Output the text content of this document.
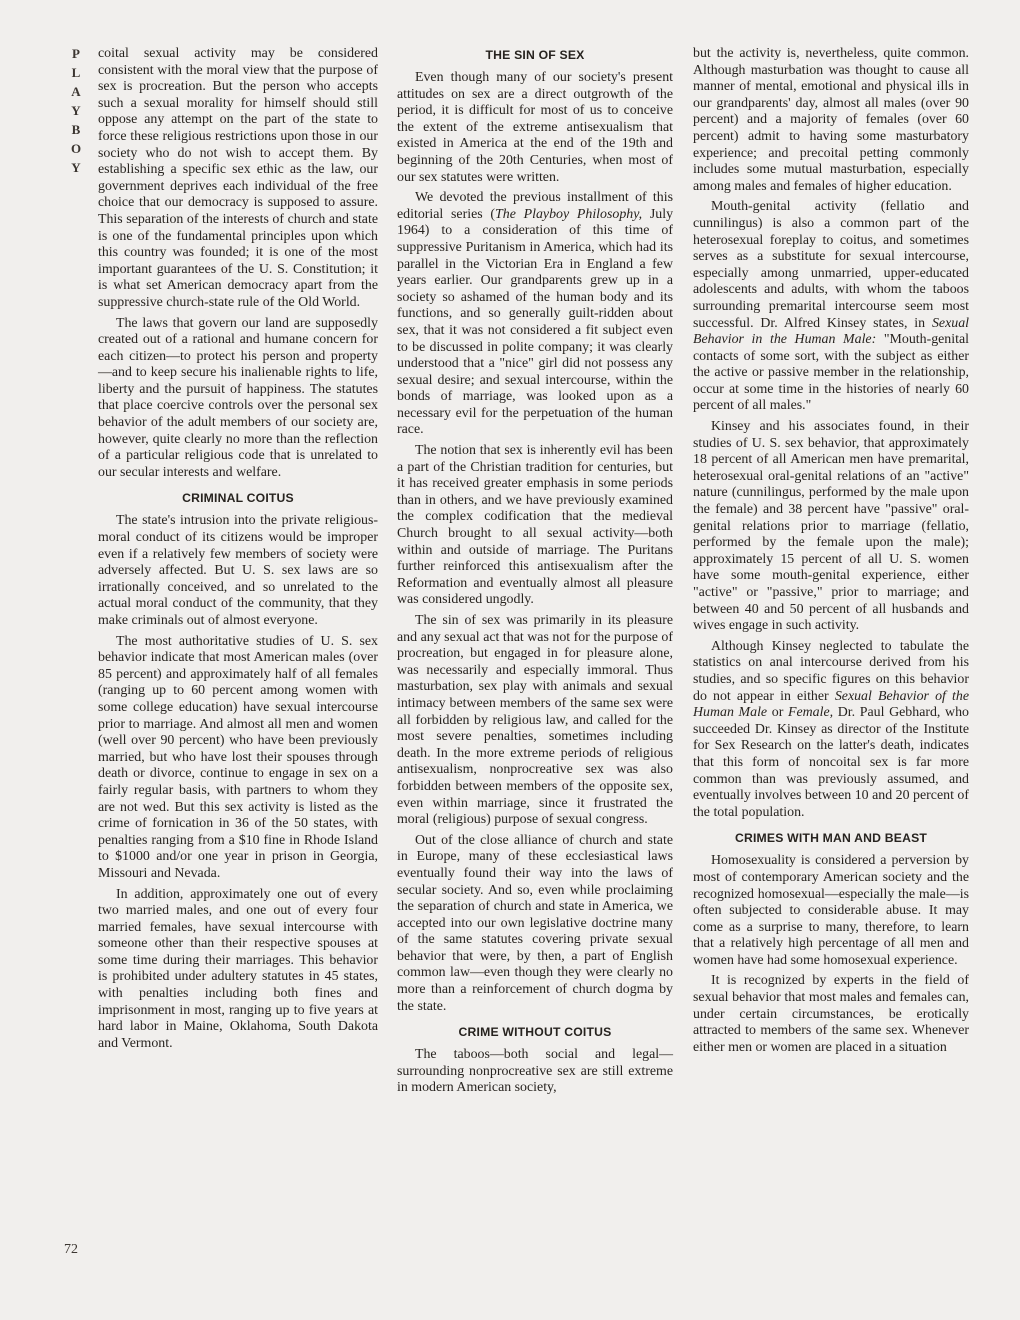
PLAYBOY
72

coital sexual activity may be considered consistent with the moral view that the purpose of sex is procreation. But the person who accepts such a sexual morality for himself should still oppose any attempt on the part of the state to force these religious restrictions upon those in our society who do not wish to accept them. By establishing a specific sex ethic as the law, our government deprives each individual of the free choice that our democracy is supposed to assure. This separation of the interests of church and state is one of the fundamental principles upon which this country was founded; it is one of the most important guarantees of the U. S. Constitution; it is what set American democracy apart from the suppressive church-state rule of the Old World.

The laws that govern our land are supposedly created out of a rational and humane concern for each citizen—to protect his person and property—and to keep secure his inalienable rights to life, liberty and the pursuit of happiness. The statutes that place coercive controls over the personal sex behavior of the adult members of our society are, however, quite clearly no more than the reflection of a particular religious code that is unrelated to our secular interests and welfare.

CRIMINAL COITUS

The state's intrusion into the private religious-moral conduct of its citizens would be improper even if a relatively few members of society were adversely affected. But U. S. sex laws are so irrationally conceived, and so unrelated to the actual moral conduct of the community, that they make criminals out of almost everyone.

The most authoritative studies of U. S. sex behavior indicate that most American males (over 85 percent) and approximately half of all females (ranging up to 60 percent among women with some college education) have sexual intercourse prior to marriage. And almost all men and women (well over 90 percent) who have been previously married, but who have lost their spouses through death or divorce, continue to engage in sex on a fairly regular basis, with partners to whom they are not wed. But this sex activity is listed as the crime of fornication in 36 of the 50 states, with penalties ranging from a $10 fine in Rhode Island to $1000 and/or one year in prison in Georgia, Missouri and Nevada.

In addition, approximately one out of every two married males, and one out of every four married females, have sexual intercourse with someone other than their respective spouses at some time during their marriages. This behavior is prohibited under adultery statutes in 45 states, with penalties including both fines and imprisonment in most, ranging up to five years at hard labor in Maine, Oklahoma, South Dakota and Vermont.

THE SIN OF SEX

Even though many of our society's present attitudes on sex are a direct outgrowth of the period, it is difficult for most of us to conceive the extent of the extreme antisexualism that existed in America at the end of the 19th and beginning of the 20th Centuries, when most of our sex statutes were written.

We devoted the previous installment of this editorial series (The Playboy Philosophy, July 1964) to a consideration of this time of suppressive Puritanism in America, which had its parallel in the Victorian Era in England a few years earlier. Our grandparents grew up in a society so ashamed of the human body and its functions, and so generally guilt-ridden about sex, that it was not considered a fit subject even to be discussed in polite company; it was clearly understood that a "nice" girl did not possess any sexual desire; and sexual intercourse, within the bonds of marriage, was looked upon as a necessary evil for the perpetuation of the human race.

The notion that sex is inherently evil has been a part of the Christian tradition for centuries, but it has received greater emphasis in some periods than in others, and we have previously examined the complex codification that the medieval Church brought to all sexual activity—both within and outside of marriage. The Puritans further reinforced this antisexualism after the Reformation and eventually almost all pleasure was considered ungodly.

The sin of sex was primarily in its pleasure and any sexual act that was not for the purpose of procreation, but engaged in for pleasure alone, was necessarily and especially immoral. Thus masturbation, sex play with animals and sexual intimacy between members of the same sex were all forbidden by religious law, and called for the most severe penalties, sometimes including death. In the more extreme periods of religious antisexualism, nonprocreative sex was also forbidden between members of the opposite sex, even within marriage, since it frustrated the moral (religious) purpose of sexual congress.

Out of the close alliance of church and state in Europe, many of these ecclesiastical laws eventually found their way into the laws of secular society. And so, even while proclaiming the separation of church and state in America, we accepted into our own legislative doctrine many of the same statutes covering private sexual behavior that were, by then, a part of English common law—even though they were clearly no more than a reinforcement of church dogma by the state.

CRIME WITHOUT COITUS

The taboos—both social and legal—surrounding nonprocreative sex are still extreme in modern American society,

but the activity is, nevertheless, quite common. Although masturbation was thought to cause all manner of mental, emotional and physical ills in our grandparents' day, almost all males (over 90 percent) and a majority of females (over 60 percent) admit to having some masturbatory experience; and precoital petting commonly includes some mutual masturbation, especially among males and females of higher education.

Mouth-genital activity (fellatio and cunnilingus) is also a common part of the heterosexual foreplay to coitus, and sometimes serves as a substitute for sexual intercourse, especially among unmarried, upper-educated adolescents and adults, with whom the taboos surrounding premarital intercourse seem most successful. Dr. Alfred Kinsey states, in Sexual Behavior in the Human Male: "Mouth-genital contacts of some sort, with the subject as either the active or passive member in the relationship, occur at some time in the histories of nearly 60 percent of all males."

Kinsey and his associates found, in their studies of U. S. sex behavior, that approximately 18 percent of all American men have premarital, heterosexual oral-genital relations of an "active" nature (cunnilingus, performed by the male upon the female) and 38 percent have "passive" oral-genital relations prior to marriage (fellatio, performed by the female upon the male); approximately 15 percent of all U. S. women have some mouth-genital experience, either "active" or "passive," prior to marriage; and between 40 and 50 percent of all husbands and wives engage in such activity.

Although Kinsey neglected to tabulate the statistics on anal intercourse derived from his studies, and so specific figures on this behavior do not appear in either Sexual Behavior of the Human Male or Female, Dr. Paul Gebhard, who succeeded Dr. Kinsey as director of the Institute for Sex Research on the latter's death, indicates that this form of noncoital sex is far more common than was previously assumed, and eventually involves between 10 and 20 percent of the total population.

CRIMES WITH MAN AND BEAST

Homosexuality is considered a perversion by most of contemporary American society and the recognized homosexual—especially the male—is often subjected to considerable abuse. It may come as a surprise to many, therefore, to learn that a relatively high percentage of all men and women have had some homosexual experience.

It is recognized by experts in the field of sexual behavior that most males and females can, under certain circumstances, be erotically attracted to members of the same sex. Whenever either men or women are placed in a situation
